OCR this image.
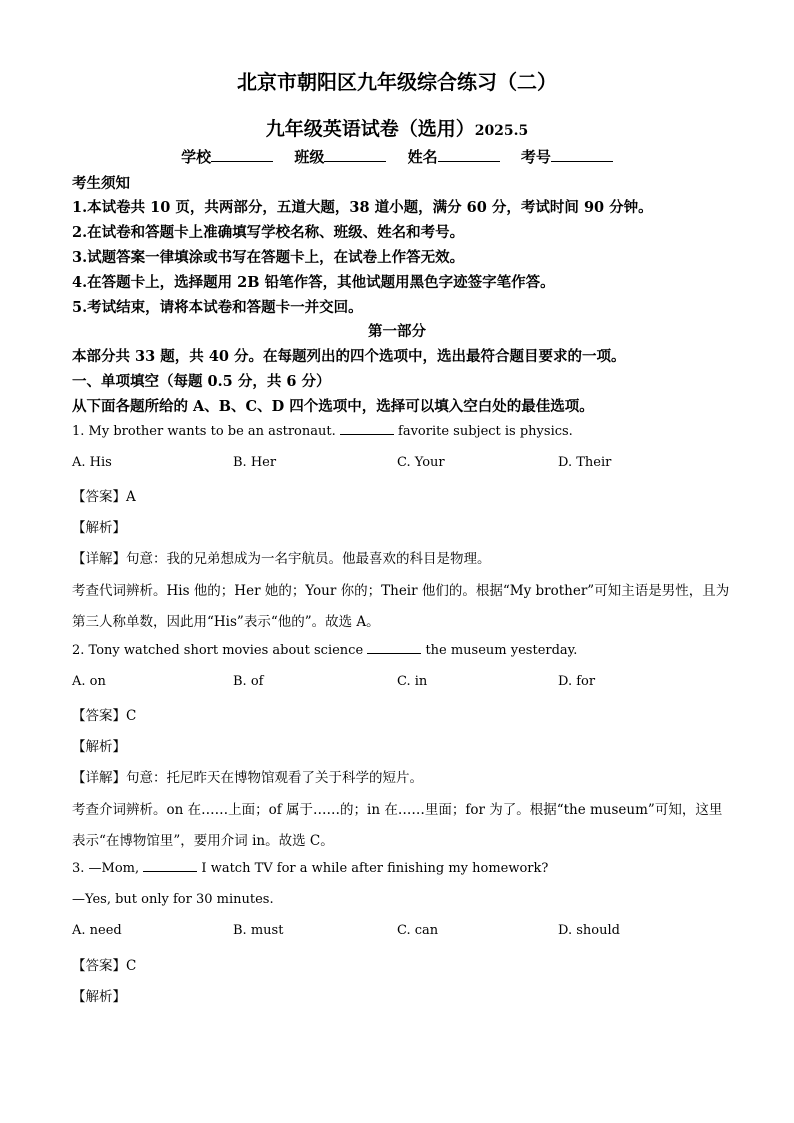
北京市朝阳区九年级综合练习（二）
九年级英语试卷（选用）2025.5
学校	班级	姓名	考号
考生须知
1.本试卷共 10 页，共两部分，五道大题，38 道小题，满分 60 分，考试时间 90 分钟。
2.在试卷和答题卡上准确填写学校名称、班级、姓名和考号。
3.试题答案一律填涂或书写在答题卡上，在试卷上作答无效。
4.在答题卡上，选择题用 2B 铅笔作答，其他试题用黑色字迹签字笔作答。
5.考试结束，请将本试卷和答题卡一并交回。
第一部分
本部分共 33 题，共 40 分。在每题列出的四个选项中，选出最符合题目要求的一项。
一、单项填空（每题 0.5 分，共 6 分）
从下面各题所给的 A、B、C、D 四个选项中，选择可以填入空白处的最佳选项。
1. My brother wants to be an astronaut.	favorite subject is physics.
A. His	B. Her	C. Your	D. Their
【答案】A
【解析】
【详解】句意：我的兄弟想成为一名宇航员。他最喜欢的科目是物理。
考查代词辨析。His 他的；Her 她的；Your 你的；Their 他们的。根据“My brother”可知主语是男性，且为
第三人称单数，因此用“His”表示“他的”。故选 A。
2. Tony watched short movies about science	the museum yesterday.
A. on	B. of	C. in	D. for
【答案】C
【解析】
【详解】句意：托尼昨天在博物馆观看了关于科学的短片。
考查介词辨析。on 在……上面；of 属于……的；in 在……里面；for 为了。根据“the museum”可知，这里
表示“在博物馆里”，要用介词 in。故选 C。
3. —Mom,	I watch TV for a while after finishing my homework?
—Yes, but only for 30 minutes.
A. need	B. must	C. can	D. should
【答案】C
【解析】
